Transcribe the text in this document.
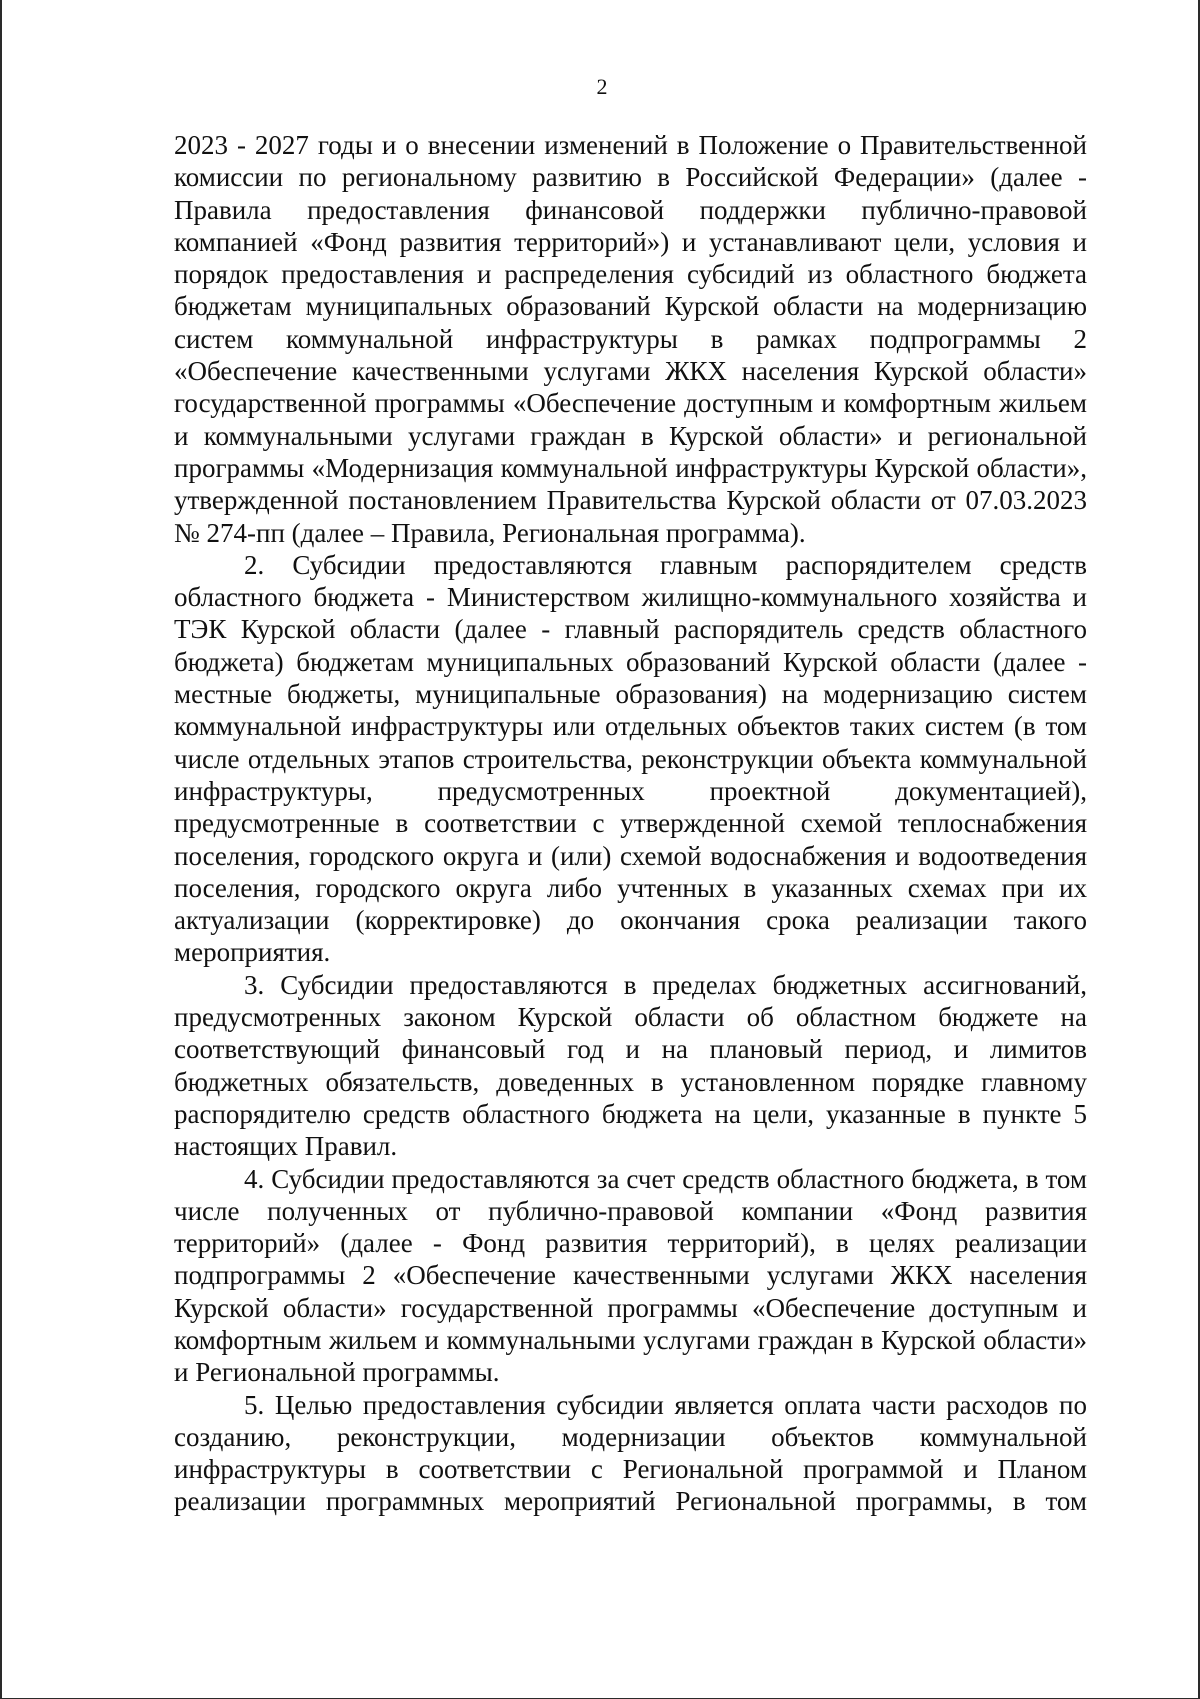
2

2023 - 2027 годы и о внесении изменений в Положение о Правительственной комиссии по региональному развитию в Российской Федерации» (далее - Правила предоставления финансовой поддержки публично-правовой компанией «Фонд развития территорий») и устанавливают цели, условия и порядок предоставления и распределения субсидий из областного бюджета бюджетам муниципальных образований Курской области на модернизацию систем коммунальной инфраструктуры в рамках подпрограммы 2 «Обеспечение качественными услугами ЖКХ населения Курской области» государственной программы «Обеспечение доступным и комфортным жильем и коммунальными услугами граждан в Курской области» и региональной программы «Модернизация коммунальной инфраструктуры Курской области», утвержденной постановлением Правительства Курской области от 07.03.2023 № 274-пп (далее – Правила, Региональная программа).

2. Субсидии предоставляются главным распорядителем средств областного бюджета - Министерством жилищно-коммунального хозяйства и ТЭК Курской области (далее - главный распорядитель средств областного бюджета) бюджетам муниципальных образований Курской области (далее - местные бюджеты, муниципальные образования) на модернизацию систем коммунальной инфраструктуры или отдельных объектов таких систем (в том числе отдельных этапов строительства, реконструкции объекта коммунальной инфраструктуры, предусмотренных проектной документацией), предусмотренные в соответствии с утвержденной схемой теплоснабжения поселения, городского округа и (или) схемой водоснабжения и водоотведения поселения, городского округа либо учтенных в указанных схемах при их актуализации (корректировке) до окончания срока реализации такого мероприятия.

3. Субсидии предоставляются в пределах бюджетных ассигнований, предусмотренных законом Курской области об областном бюджете на соответствующий финансовый год и на плановый период, и лимитов бюджетных обязательств, доведенных в установленном порядке главному распорядителю средств областного бюджета на цели, указанные в пункте 5 настоящих Правил.

4. Субсидии предоставляются за счет средств областного бюджета, в том числе полученных от публично-правовой компании «Фонд развития территорий» (далее - Фонд развития территорий), в целях реализации подпрограммы 2 «Обеспечение качественными услугами ЖКХ населения Курской области» государственной программы «Обеспечение доступным и комфортным жильем и коммунальными услугами граждан в Курской области» и Региональной программы.

5. Целью предоставления субсидии является оплата части расходов по созданию, реконструкции, модернизации объектов коммунальной инфраструктуры в соответствии с Региональной программой и Планом реализации программных мероприятий Региональной программы, в том
